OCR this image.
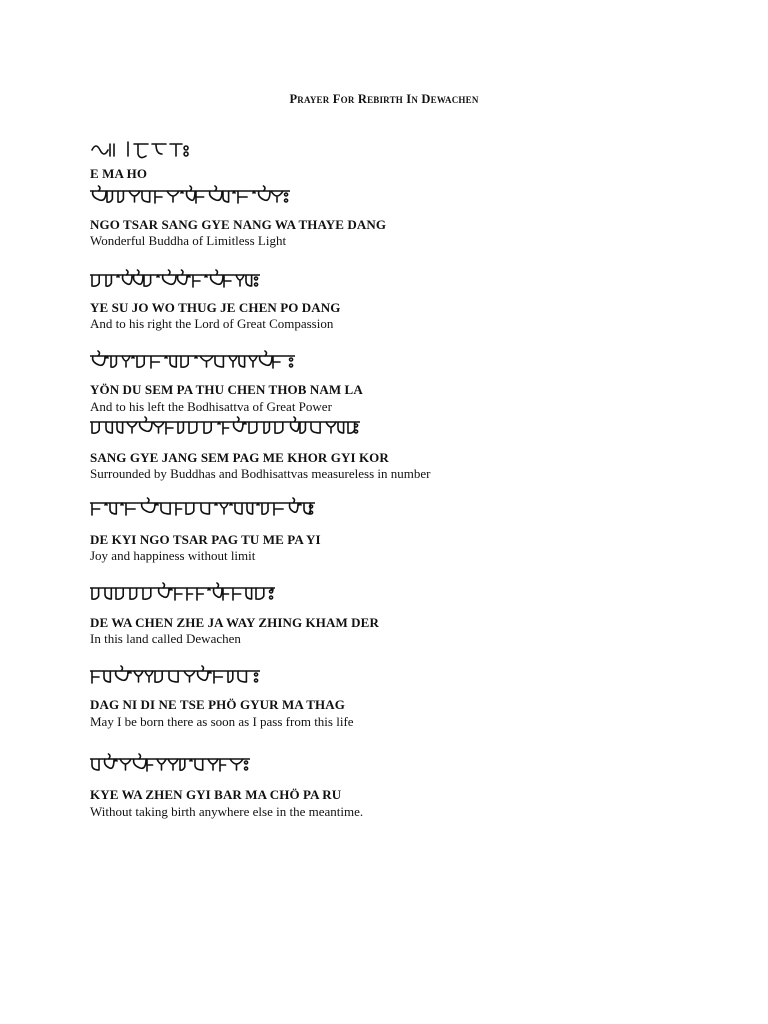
Prayer For Rebirth In Dewachen
E MA HO
NGO TSAR SANG GYE NANG WA THAYE DANG
Wonderful Buddha of Limitless Light
YE SU JO WO THUG JE CHEN PO DANG
And to his right the Lord of Great Compassion
YÖN DU SEM PA THU CHEN THOB NAM LA
And to his left the Bodhisattva of Great Power
SANG GYE JANG SEM PAG ME KHOR GYI KOR
Surrounded by Buddhas and Bodhisattvas measureless in number
DE KYI NGO TSAR PAG TU ME PA YI
Joy and happiness without limit
DE WA CHEN ZHE JA WAY ZHING KHAM DER
In this land called Dewachen
DAG NI DI NE TSE PHÖ GYUR MA THAG
May I be born there as soon as I pass from this life
KYE WA ZHEN GYI BAR MA CHÖ PA RU
Without taking birth anywhere else in the meantime.
